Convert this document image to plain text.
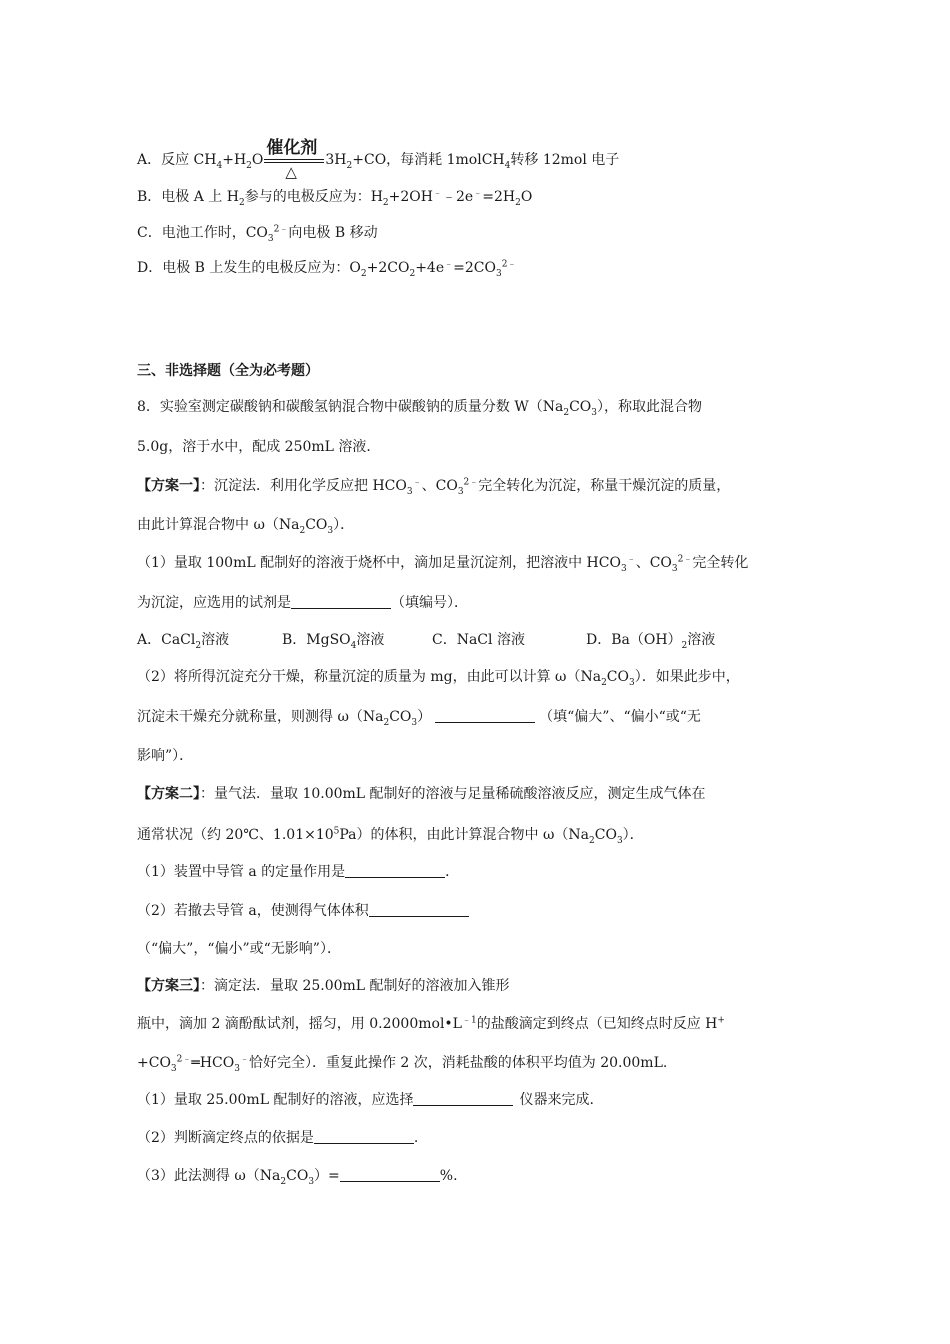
A．反应 $CH_4+H_2O$
催化剂
△
$3H_2+CO$，每消耗 1molCH$_4$转移 12mol 电子
B．电极 A 上 $H_2$参与的电极反应为：$H_2+2OH^﹣﹣2e^﹣=2H_2O$
C．电池工作时，$CO_3^{2﹣}$向电极 B 移动
D．电极 B 上发生的电极反应为：$O_2+2CO_2+4e^﹣=2CO_3^{2﹣}$
三、非选择题（全为必考题）
8．实验室测定碳酸钠和碳酸氢钠混合物中碳酸钠的质量分数 $W(Na_2CO_3)$，称取此混合物
5.0g，溶于水中，配成 250mL 溶液．
【方案一】：沉淀法．利用化学反应把 $HCO_3^﹣$、$CO_3^{2﹣}$完全转化为沉淀，称量干燥沉淀的质量，
由此计算混合物中 $\omega(Na_2CO_3)$．
（1）量取 100mL 配制好的溶液于烧杯中，滴加足量沉淀剂，把溶液中 $HCO_3^﹣$、$CO_3^{2﹣}$完全转化
为沉淀，应选用的试剂是	（填编号）．
A．CaCl$_2$溶液	B．MgSO$_4$溶液	C．NaCl 溶液	D．$Ba(OH)_2$溶液
（2）将所得沉淀充分干燥，称量沉淀的质量为 mg，由此可以计算 $\omega(Na_2CO_3)$．如果此步中，
沉淀未干燥充分就称量，则测得 $\omega(Na_2CO_3)$	（填“偏大”、“偏小“或“无
影响”）．
【方案二】：量气法．量取 10.00mL 配制好的溶液与足量稀硫酸溶液反应，测定生成气体在
通常状况（约 20℃、$1.01\times 10^5Pa$）的体积，由此计算混合物中 $\omega(Na_2CO_3)$．
（1）装置中导管 a 的定量作用是	．
（2）若撤去导管 a，使测得气体体积
（“偏大”，“偏小”或“无影响”）．
【方案三】：滴定法．量取 25.00mL 配制好的溶液加入锥形
瓶中，滴加 2 滴酚酞试剂，摇匀，用 $0.2000mol•L^{﹣1}$的盐酸滴定到终点（已知终点时反应 H+
$+CO_3^{2﹣}═HCO_3^﹣$恰好完全）．重复此操作 2 次，消耗盐酸的体积平均值为 20.00mL.
（1）量取 25.00mL 配制好的溶液，应选择	仪器来完成.
（2）判断滴定终点的依据是	.
（3）此法测得 $\omega(Na_2CO_3)=$	%.
